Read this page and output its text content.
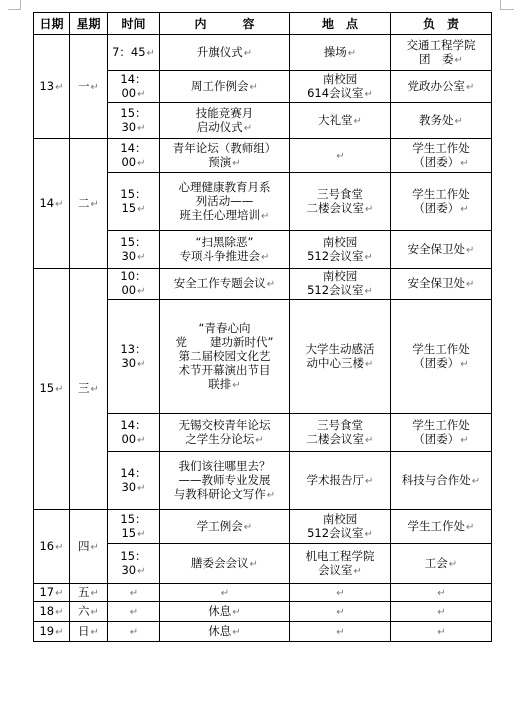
日期	星期	时间	内　　　容	地　点	负　责
13↵	一↵	7：45↵	升旗仪式↵	操场↵	交通工程学院
团　委↵

		14：00↵	周工作例会↵	南校园
614会议室↵	党政办公室↵

		15：30↵	技能竞赛月
启动仪式↵	大礼堂↵	教务处↵

14↵	二↵	14：00↵	青年论坛（教师组）
预演↵	↵	学生工作处
（团委）↵

		15：15↵	心理健康教育月系
列活动——
班主任心理培训↵	三号食堂
二楼会议室↵	学生工作处
（团委）↵

		15：30↵	“扫黑除恶”
专项斗争推进会↵	南校园
512会议室↵	安全保卫处↵

15↵	三↵	10：00↵	安全工作专题会议↵	南校园
512会议室↵	安全保卫处↵

		13：30↵	“青春心向
党　　建功新时代”
第二届校园文化艺
术节开幕演出节目
联排↵	大学生动感活
动中心三楼↵	学生工作处
（团委）↵

		14：00↵	无锡交校青年论坛
之学生分论坛↵	三号食堂
二楼会议室↵	学生工作处
（团委）↵

		14：30↵	我们该往哪里去？
——教师专业发展
与教科研论文写作↵	学术报告厅↵	科技与合作处↵

16↵	四↵	15：15↵	学工例会↵	南校园
512会议室↵	学生工作处↵

		15：30↵	膳委会会议↵	机电工程学院
会议室↵	工会↵

17↵	五↵	↵	↵	↵	↵
18↵	六↵	↵	休息↵	↵	↵
19↵	日↵	↵	休息↵	↵	↵
